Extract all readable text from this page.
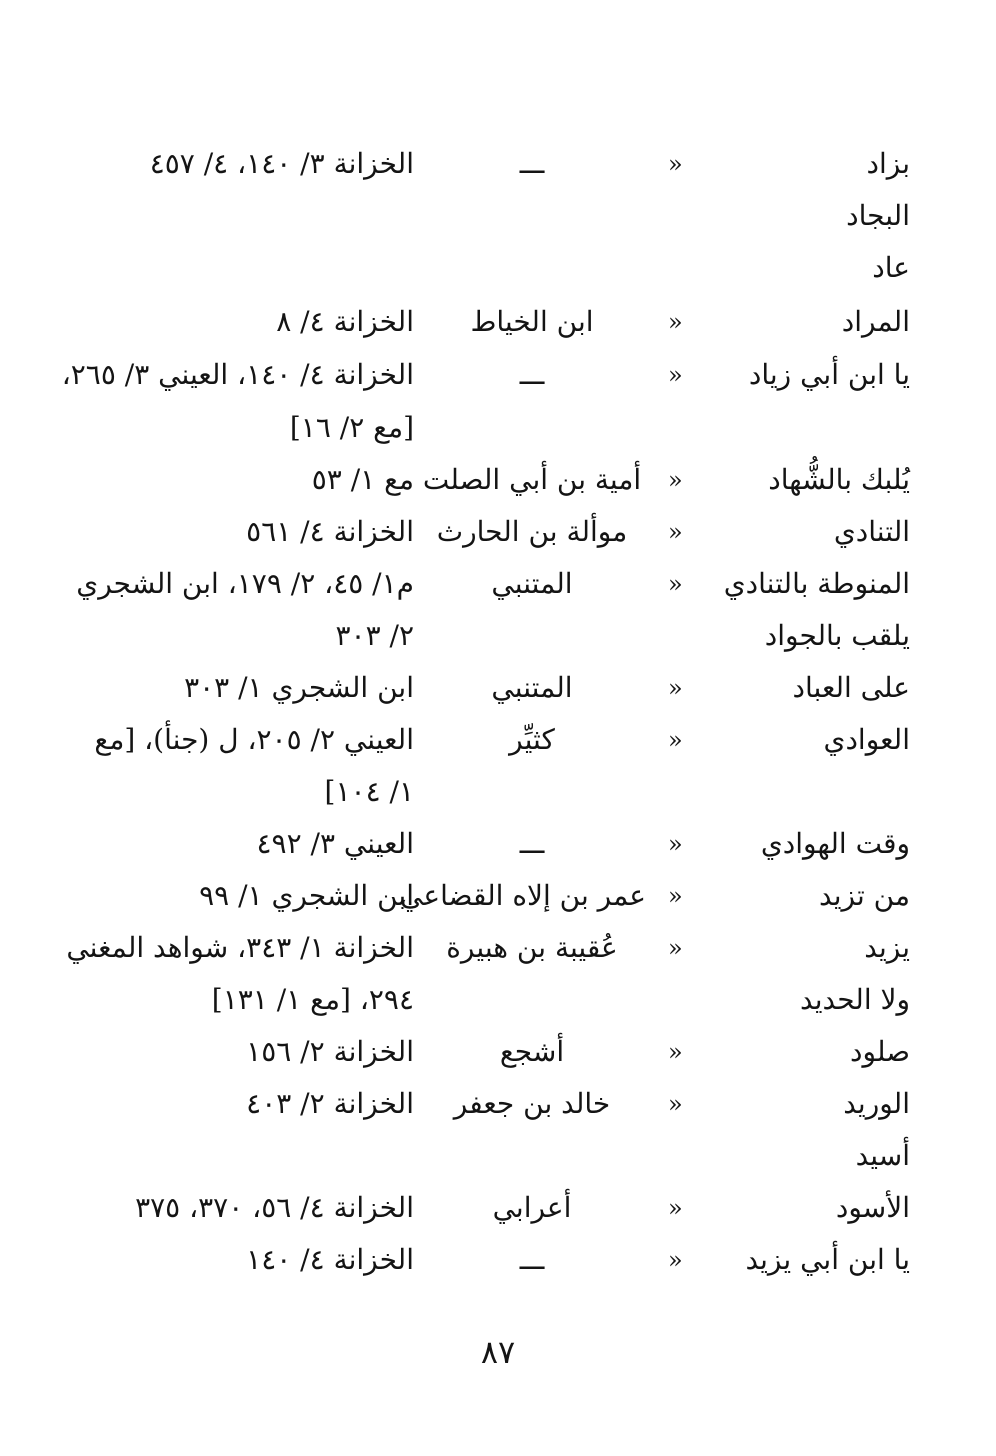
بزاد
«
ـــ
الخزانة ٣/ ١٤٠، ٤/ ٤٥٧
البجاد
عاد
المراد
«
ابن الخياط
الخزانة ٤/ ٨
يا ابن أبي زياد
«
ـــ
الخزانة ٤/ ١٤٠، العيني ٣/ ٢٦٥،
[مع ٢/ ١٦]
يُلبك بالشُّهاد
«
أمية بن أبي الصلت
مع ١/ ٥٣
التنادي
«
موألة بن الحارث
الخزانة ٤/ ٥٦١
المنوطة بالتنادي
«
المتنبي
م١/ ٤٥، ٢/ ١٧٩، ابن الشجري
يلقب بالجواد
٢/ ٣٠٣
على العباد
«
المتنبي
ابن الشجري ١/ ٣٠٣
العوادي
«
كثيِّر
العيني ٢/ ٢٠٥، ل (جنأ)، [مع
١/ ١٠٤]
وقت الهوادي
«
ـــ
العيني ٣/ ٤٩٢
من تزيد
«
عمر بن إلاه القضاعي
ابن الشجري ١/ ٩٩
يزيد
«
عُقيبة بن هبيرة
الخزانة ١/ ٣٤٣، شواهد المغني
ولا الحديد
٢٩٤، [مع ١/ ١٣١]
صلود
«
أشجع
الخزانة ٢/ ١٥٦
الوريد
«
خالد بن جعفر
الخزانة ٢/ ٤٠٣
أسيد
الأسود
«
أعرابي
الخزانة ٤/ ٥٦، ٣٧٠، ٣٧٥
يا ابن أبي يزيد
«
ـــ
الخزانة ٤/ ١٤٠
٨٧
